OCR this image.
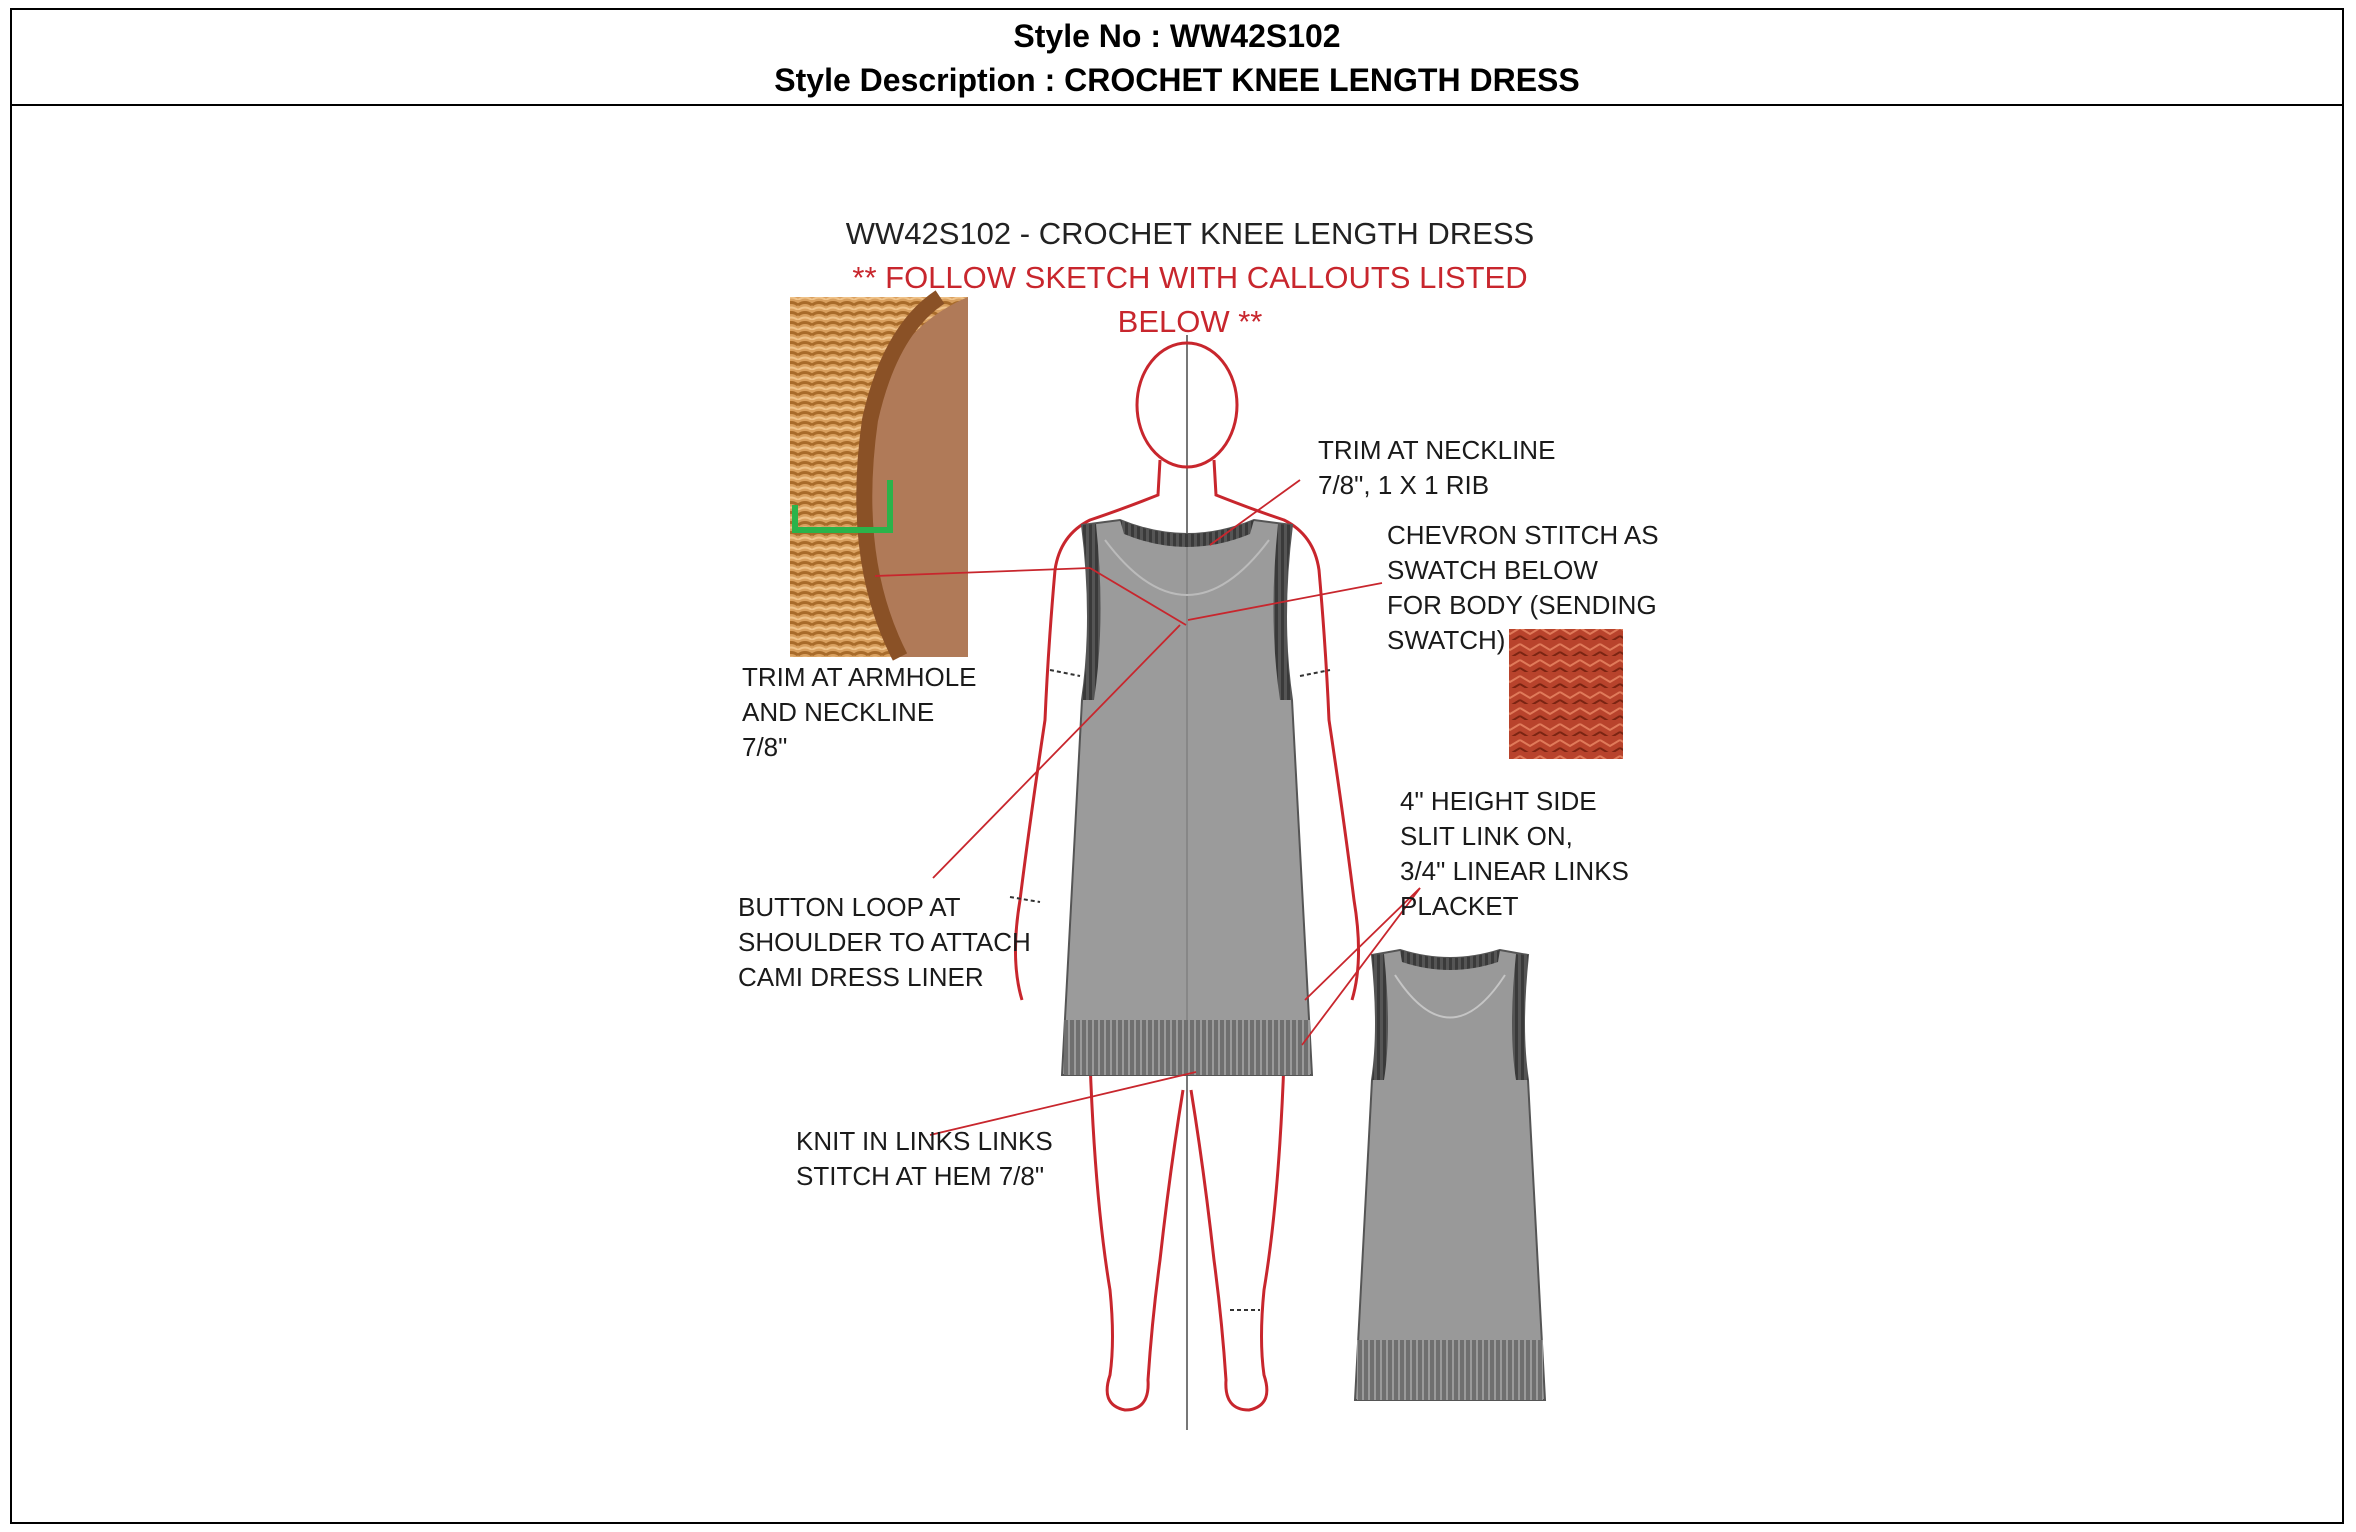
Style No : WW42S102
Style Description : CROCHET KNEE LENGTH DRESS
WW42S102 - CROCHET KNEE LENGTH DRESS
** FOLLOW SKETCH WITH CALLOUTS LISTED
BELOW **
TRIM AT NECKLINE
7/8", 1 X 1 RIB
CHEVRON STITCH AS
SWATCH BELOW
FOR BODY (SENDING
SWATCH)
TRIM AT ARMHOLE
AND NECKLINE
7/8"
4" HEIGHT SIDE
SLIT LINK ON,
3/4" LINEAR LINKS
PLACKET
BUTTON LOOP AT
SHOULDER TO ATTACH
CAMI DRESS LINER
KNIT IN LINKS LINKS
STITCH AT HEM 7/8"
